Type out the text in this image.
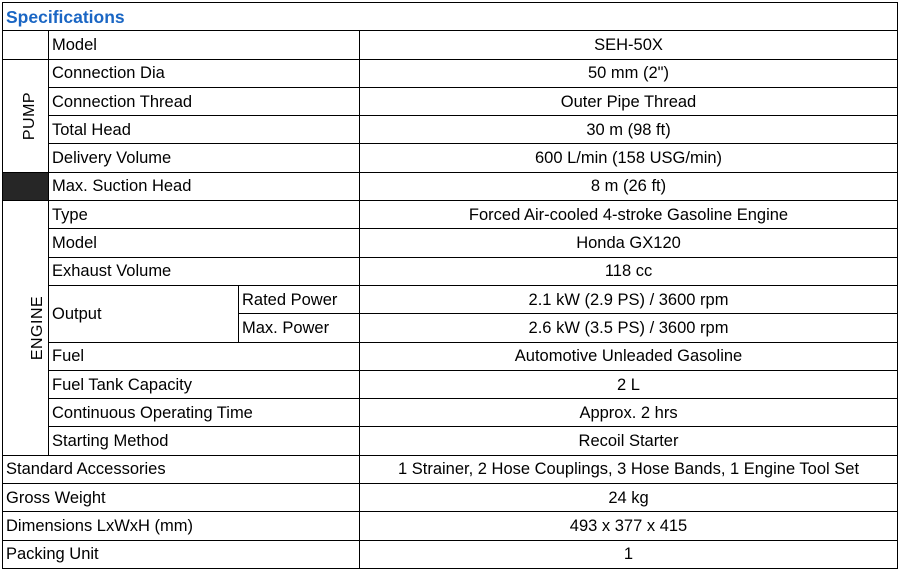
Specifications			
	Model		SEH-50X
PUMP	Connection Dia		50 mm (2")
	Connection Thread		Outer Pipe Thread
	Total Head		30 m (98 ft)
	Delivery Volume		600 L/min (158 USG/min)
	Max. Suction Head		8 m (26 ft)
ENGINE	Type		Forced Air-cooled 4-stroke Gasoline Engine
	Model		Honda GX120
	Exhaust Volume		118 cc
	Output	Rated Power	2.1 kW (2.9 PS) / 3600 rpm
		Max. Power	2.6 kW (3.5 PS) / 3600 rpm
	Fuel		Automotive Unleaded Gasoline
	Fuel Tank Capacity		2 L
	Continuous Operating Time		Approx. 2 hrs
	Starting Method		Recoil Starter
Standard Accessories			1 Strainer, 2 Hose Couplings, 3 Hose Bands, 1 Engine Tool Set
Gross Weight			24 kg
Dimensions LxWxH (mm)			493 x 377 x 415
Packing Unit			1
